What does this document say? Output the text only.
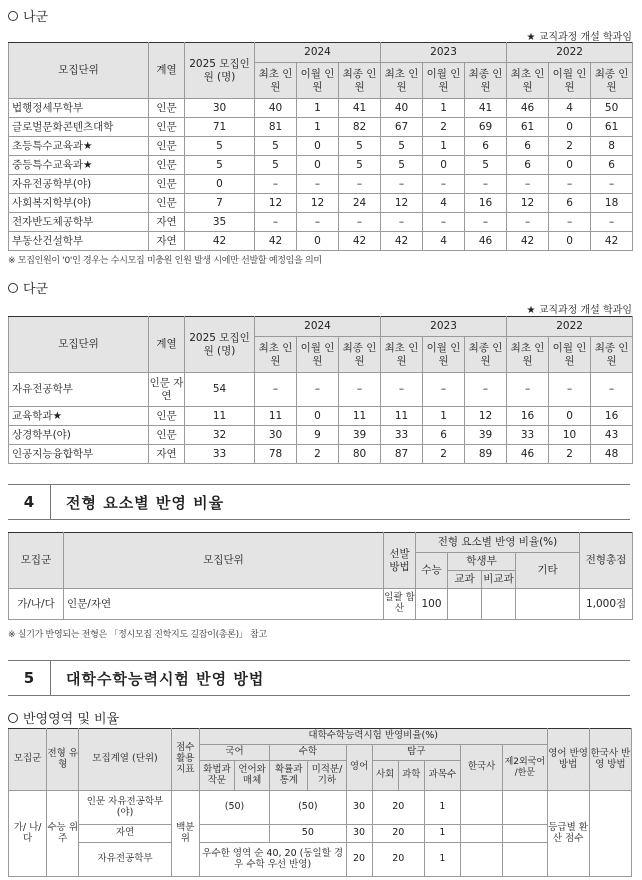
나군
★ 교직과정 개설 학과임
모집단위	계열	2025 모집인원 (명)	2024			2023			2022		
			최초 인원	이월 인원	최종 인원	최초 인원	이월 인원	최종 인원	최초 인원	이월 인원	최종 인원
법행정세무학부	인문	30	40	1	41	40	1	41	46	4	50
글로벌문화콘텐츠대학	인문	71	81	1	82	67	2	69	61	0	61
초등특수교육과★	인문	5	5	0	5	5	1	6	6	2	8
중등특수교육과★	인문	5	5	0	5	5	0	5	6	0	6
자유전공학부(야)	인문	0	–	–	–	–	–	–	–	–	–
사회복지학부(야)	인문	7	12	12	24	12	4	16	12	6	18
전자반도체공학부	자연	35	–	–	–	–	–	–	–	–	–
부동산건설학부	자연	42	42	0	42	42	4	46	42	0	42
※ 모집인원이 '0'인 경우는 수시모집 미충원 인원 발생 시에만 선발할 예정임을 의미
다군
★ 교직과정 개설 학과임
모집단위	계열	2025 모집인원 (명)	2024			2023			2022		
			최초 인원	이월 인원	최종 인원	최초 인원	이월 인원	최종 인원	최초 인원	이월 인원	최종 인원
자유전공학부	인문 자연	54	–	–	–	–	–	–	–	–	–
교육학과★	인문	11	11	0	11	11	1	12	16	0	16
상경학부(야)	인문	32	30	9	39	33	6	39	33	10	43
인공지능융합학부	자연	33	78	2	80	87	2	89	46	2	48
4	전형 요소별 반영 비율
모집군	모집단위	선발 방법	전형 요소별 반영 비율(%)				전형총점
			수능	학생부		기타	
				교과	비교과		
가/나/다	인문/자연	일괄 합산	100				1,000점
※ 실기가 반영되는 전형은 「정시모집 진학지도 길잡이(총론)」 참고
5	대학수학능력시험 반영 방법
반영영역 및 비율
모집군	전형 유형	모집계열 (단위)	점수 활용 지표	대학수학능력시험 반영비율(%)										영어 반영 방법	한국사 반영 방법
				국어		수학		영어	탐구			한국사	제2외국어 /한문		
				화법과 작문	언어와 매체	확률과 통계	미적분/ 기하		사회	과학	과목수				
가/ 나/ 다	수능 위주	인문 자유전공학부(야)	백분위	(50)		(50)		30	20		1			등급별 환산 점수	
		자연				50		30	20		1				
		자유전공학부		우수한 영역 순 40, 20 (동일할 경우 수학 우선 반영)				20	20		1				
